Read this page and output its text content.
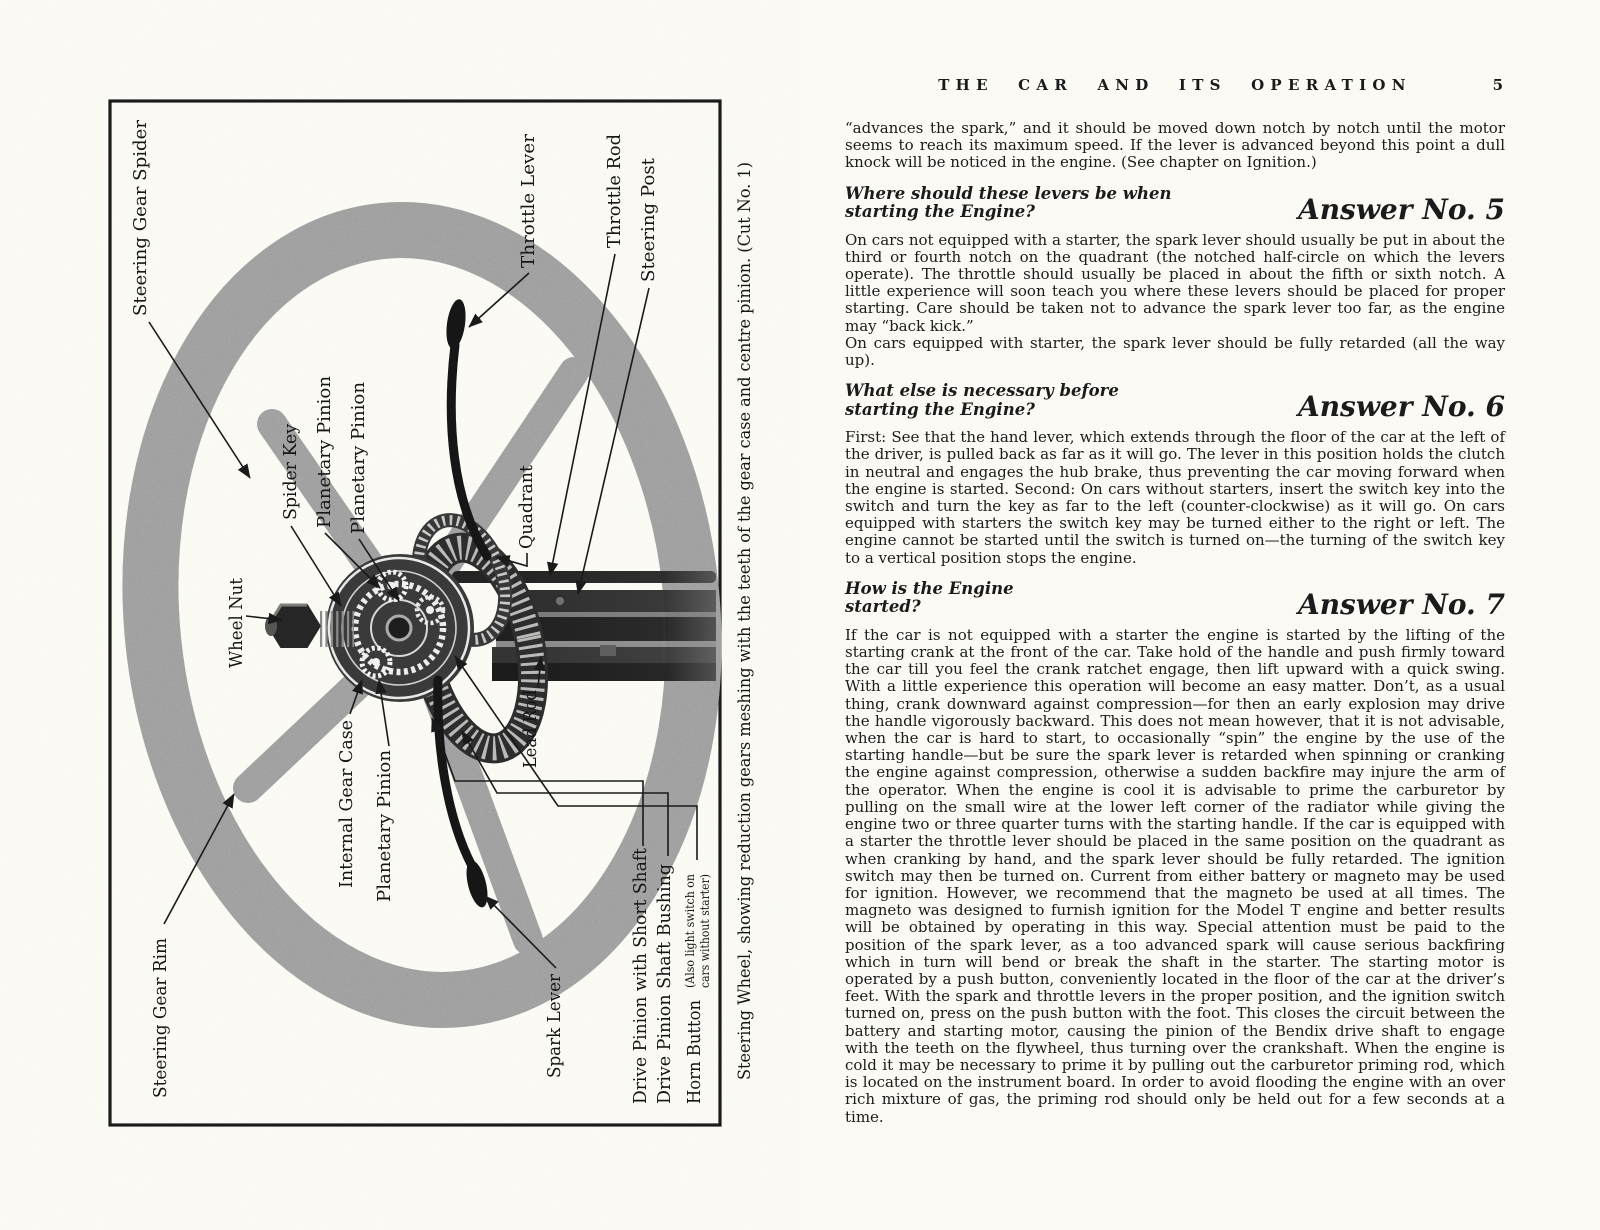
Steering Gear Spider	Throttle Lever	Throttle Rod Steering Post
Spider Key Planetary Pinion Planetary Pinion	Quadrant
Wheel Nut
Internal Gear Case Planetary Pinion
Lead Rod
Steering Gear Rim	Spark Lever	Drive Pinion with Short Shaft Drive Pinion Shaft Bushing Horn Button
(Also light switch on cars without starter) Steering Wheel, showing reduction gears meshing with the teeth of the gear case and centre pinion. (Cut No. 1)
THE CAR AND ITS OPERATION	5

“advances the spark,” and it should be moved down notch by notch until the motor seems to reach its maximum speed. If the lever is advanced beyond this point a dull knock will be noticed in the engine. (See chapter on Ignition.)

Where should these levers be when
starting the Engine?	Answer No. 5

On cars not equipped with a starter, the spark lever should usually be put in about the third or fourth notch on the quadrant (the notched half-circle on which the levers operate). The throttle should usually be placed in about the fifth or sixth notch. A little experience will soon teach you where these levers should be placed for proper starting. Care should be taken not to advance the spark lever too far, as the engine may “back kick.”

On cars equipped with starter, the spark lever should be fully retarded (all the way up).

What else is necessary before
starting the Engine?	Answer No. 6

First: See that the hand lever, which extends through the floor of the car at the left of the driver, is pulled back as far as it will go. The lever in this position holds the clutch in neutral and engages the hub brake, thus preventing the car moving forward when the engine is started. Second: On cars without starters, insert the switch key into the switch and turn the key as far to the left (counter-clockwise) as it will go. On cars equipped with starters the switch key may be turned either to the right or left. The engine cannot be started until the switch is turned on—the turning of the switch key to a vertical position stops the engine.

How is the Engine
started?	Answer No. 7

If the car is not equipped with a starter the engine is started by the lifting of the starting crank at the front of the car. Take hold of the handle and push firmly toward the car till you feel the crank ratchet engage, then lift upward with a quick swing. With a little experience this operation will become an easy matter. Don’t, as a usual thing, crank downward against compression—for then an early explosion may drive the handle vigorously backward. This does not mean however, that it is not advisable, when the car is hard to start, to occasionally “spin” the engine by the use of the starting handle—but be sure the spark lever is retarded when spinning or cranking the engine against compression, otherwise a sudden backfire may injure the arm of the operator. When the engine is cool it is advisable to prime the carburetor by pulling on the small wire at the lower left corner of the radiator while giving the engine two or three quarter turns with the starting handle. If the car is equipped with a starter the throttle lever should be placed in the same position on the quadrant as when cranking by hand, and the spark lever should be fully retarded. The ignition switch may then be turned on. Current from either battery or magneto may be used for ignition. However, we recommend that the magneto be used at all times. The magneto was designed to furnish ignition for the Model T engine and better results will be obtained by operating in this way. Special attention must be paid to the position of the spark lever, as a too advanced spark will cause serious backfiring which in turn will bend or break the shaft in the starter. The starting motor is operated by a push button, conveniently located in the floor of the car at the driver’s feet. With the spark and throttle levers in the proper position, and the ignition switch turned on, press on the push button with the foot. This closes the circuit between the battery and starting motor, causing the pinion of the Bendix drive shaft to engage with the teeth on the flywheel, thus turning over the crankshaft. When the engine is cold it may be necessary to prime it by pulling out the carburetor priming rod, which is located on the instrument board. In order to avoid flooding the engine with an over rich mixture of gas, the priming rod should only be held out for a few seconds at a time.
